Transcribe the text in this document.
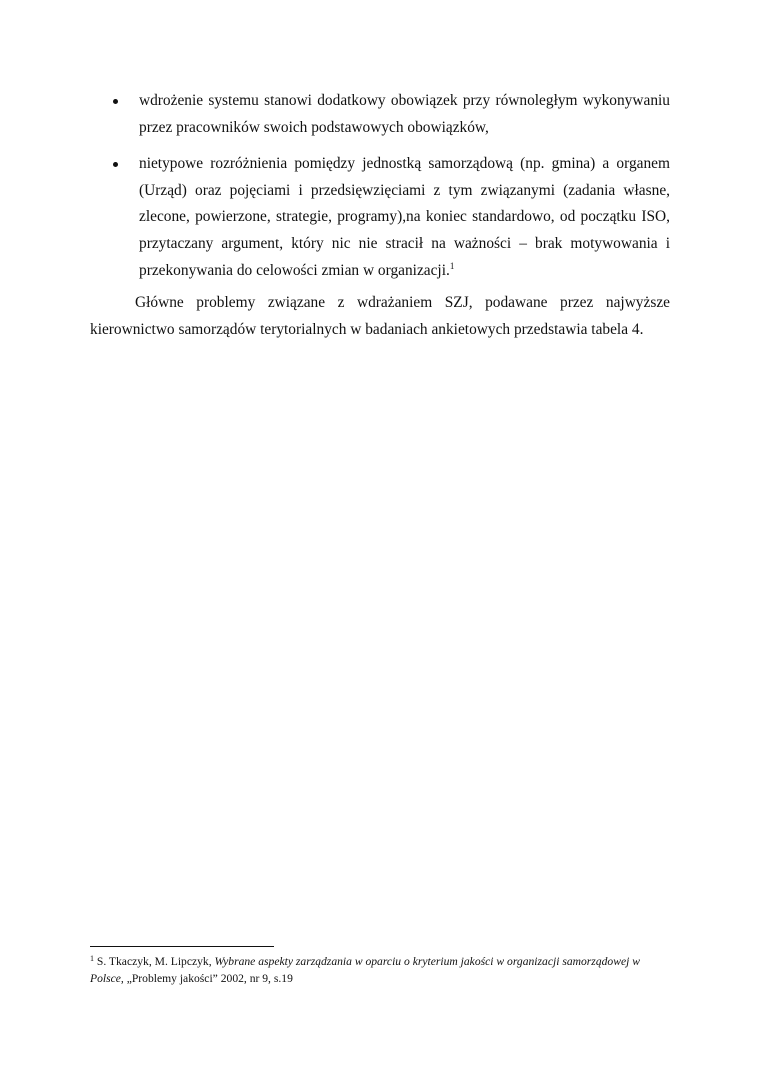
wdrożenie systemu stanowi dodatkowy obowiązek przy równoległym wykonywaniu przez pracowników swoich podstawowych obowiązków,
nietypowe rozróżnienia pomiędzy jednostką samorządową (np. gmina) a organem (Urząd) oraz pojęciami i przedsięwzięciami z tym związanymi (zadania własne, zlecone, powierzone, strategie, programy),na koniec standardowo, od początku ISO, przytaczany argument, który nic nie stracił na ważności – brak motywowania i przekonywania do celowości zmian w organizacji.$^1$

Główne problemy związane z wdrażaniem SZJ, podawane przez najwyższe kierownictwo samorządów terytorialnych w badaniach ankietowych przedstawia tabela 4.

$^1$ S. Tkaczyk, M. Lipczyk, Wybrane aspekty zarządzania w oparciu o kryterium jakości w organizacji samorządowej w Polsce, „Problemy jakości” 2002, nr 9, s.19
